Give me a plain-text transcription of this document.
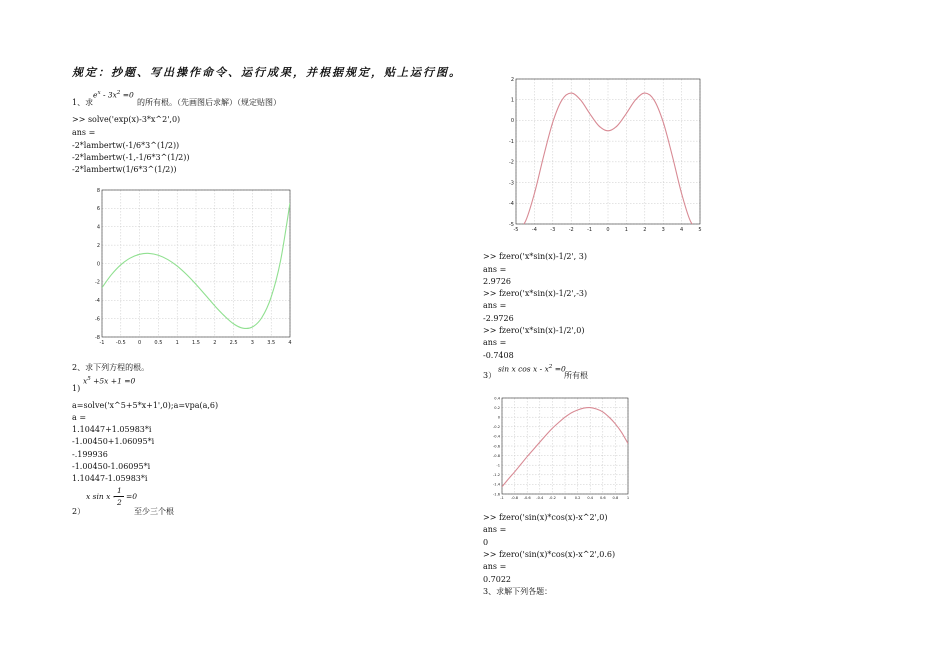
规定：抄题、写出操作命令、运行成果，并根据规定，贴上运行图。
$e^x - 3x^2 =0$
1、求	的所有根。（先画图后求解）（规定贴图）
>> solve('exp(x)-3*x^2',0)
ans =
-2*lambertw(-1/6*3^(1/2))
-2*lambertw(-1,-1/6*3^(1/2))
-2*lambertw(1/6*3^(1/2))
-1 -0.5 0	0.5	1	1.5	2	2.5	3	3.5	4
8
6
4
2
0
-2
-4
-6
-8
2、求下列方程的根。
$x^5 +5x +1 =0$
1)
a=solve('x^5+5*x+1',0);a=vpa(a,6)
a =
1.10447+1.05983*i
-1.00450+1.06095*i
-.199936
-1.00450-1.06095*i
1.10447-1.05983*i
x sin x -
1
2
=0
2）	至少三个根
-5	-4	-3	-2	-1	0	1	2	3	4	5
2
1
0
-1
-2
-3
-4
-5
>> fzero('x*sin(x)-1/2', 3)
ans =
2.9726
>> fzero('x*sin(x)-1/2',-3)
ans =
-2.9726
>> fzero('x*sin(x)-1/2',0)
ans =
-0.7408
sin x $\cos x - x^2 =0$
3）	所有根
-1 -0.8 -0.6 -0.4 -0.2 0 0.2 0.4 0.6 0.8 1
0.4
0.2
0
-0.2
-0.4
-0.6
-0.8
-1
-1.2
-1.4
-1.6
>> fzero('sin(x)*cos(x)-x^2',0)
ans =
0
>> fzero('sin(x)*cos(x)-x^2',0.6)
ans =
0.7022
3、求解下列各题：
